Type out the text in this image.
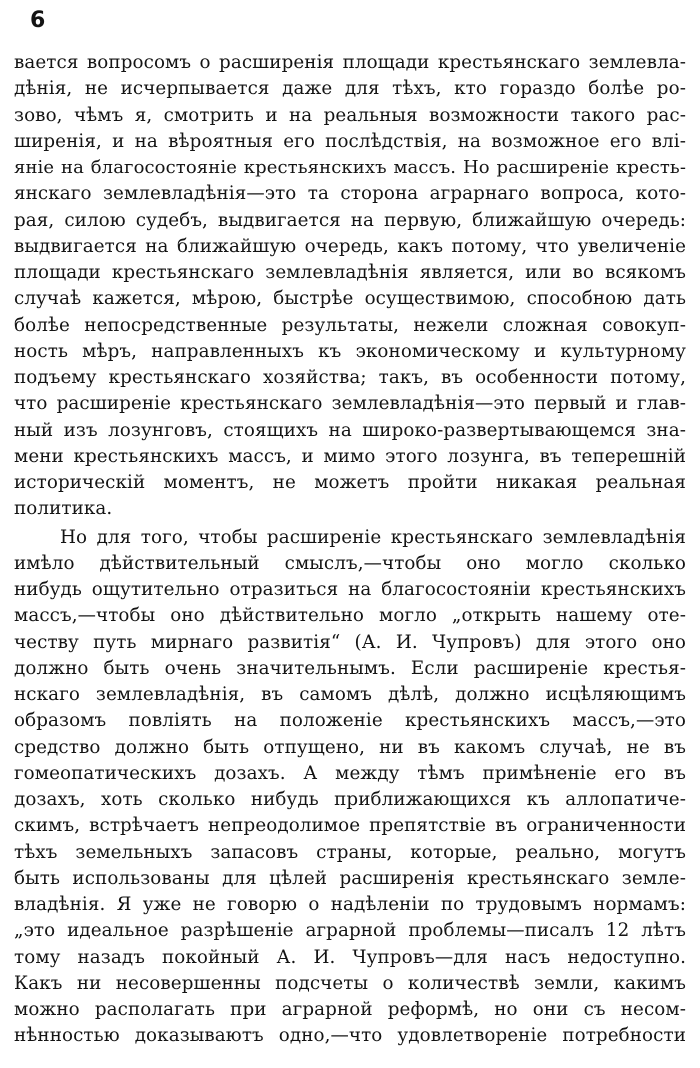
6
вается вопросомъ о расширенія площади крестьянскаго землевла-
дѣнія, не исчерпывается даже для тѣхъ, кто гораздо болѣе ро-
зово, чѣмъ я, смотрить и на реальныя возможности такого рас-
ширенія, и на вѣроятныя его послѣдствія, на возможное его влі-
яніе на благосостояніе крестьянскихъ массъ. Но расширеніе кресть-
янскаго землевладѣнія—это та сторона аграрнаго вопроса, кото-
рая, силою судебъ, выдвигается на первую, ближайшую очередь:
выдвигается на ближайшую очередь, какъ потому, что увеличеніе
площади крестьянскаго землевладѣнія является, или во всякомъ
случаѣ кажется, мѣрою, быстрѣе осуществимою, способною дать
болѣе непосредственные результаты, нежели сложная совокуп-
ность мѣръ, направленныхъ къ экономическому и культурному
подъему крестьянскаго хозяйства; такъ, въ особенности потому,
что расширеніе крестьянскаго землевладѣнія—это первый и глав-
ный изъ лозунговъ, стоящихъ на широко-развертывающемся зна-
мени крестьянскихъ массъ, и мимо этого лозунга, въ теперешній
историческій моментъ, не можетъ пройти никакая реальная
политика.
Но для того, чтобы расширеніе крестьянскаго землевладѣнія
имѣло дѣйствительный смыслъ,—чтобы оно могло сколько
нибудь ощутительно отразиться на благосостояніи крестьянскихъ
массъ,—чтобы оно дѣйствительно могло „открыть нашему оте-
честву путь мирнаго развитія“ (А. И. Чупровъ) для этого оно
должно быть очень значительнымъ. Если расширеніе крестья-
нскаго землевладѣнія, въ самомъ дѣлѣ, должно исцѣляющимъ
образомъ повліять на положеніе крестьянскихъ массъ,—это
средство должно быть отпущено, ни въ какомъ случаѣ, не въ
гомеопатическихъ дозахъ. А между тѣмъ примѣненіе его въ
дозахъ, хоть сколько нибудь приближающихся къ аллопатиче-
скимъ, встрѣчаетъ непреодолимое препятствіе въ ограниченности
тѣхъ земельныхъ запасовъ страны, которые, реально, могутъ
быть использованы для цѣлей расширенія крестьянскаго земле-
владѣнія. Я уже не говорю о надѣленіи по трудовымъ нормамъ:
„это идеальное разрѣшеніе аграрной проблемы—писалъ 12 лѣтъ
тому назадъ покойный А. И. Чупровъ—для насъ недоступно.
Какъ ни несовершенны подсчеты о количествѣ земли, какимъ
можно располагать при аграрной реформѣ, но они съ несом-
нѣнностью доказываютъ одно,—что удовлетвореніе потребности
